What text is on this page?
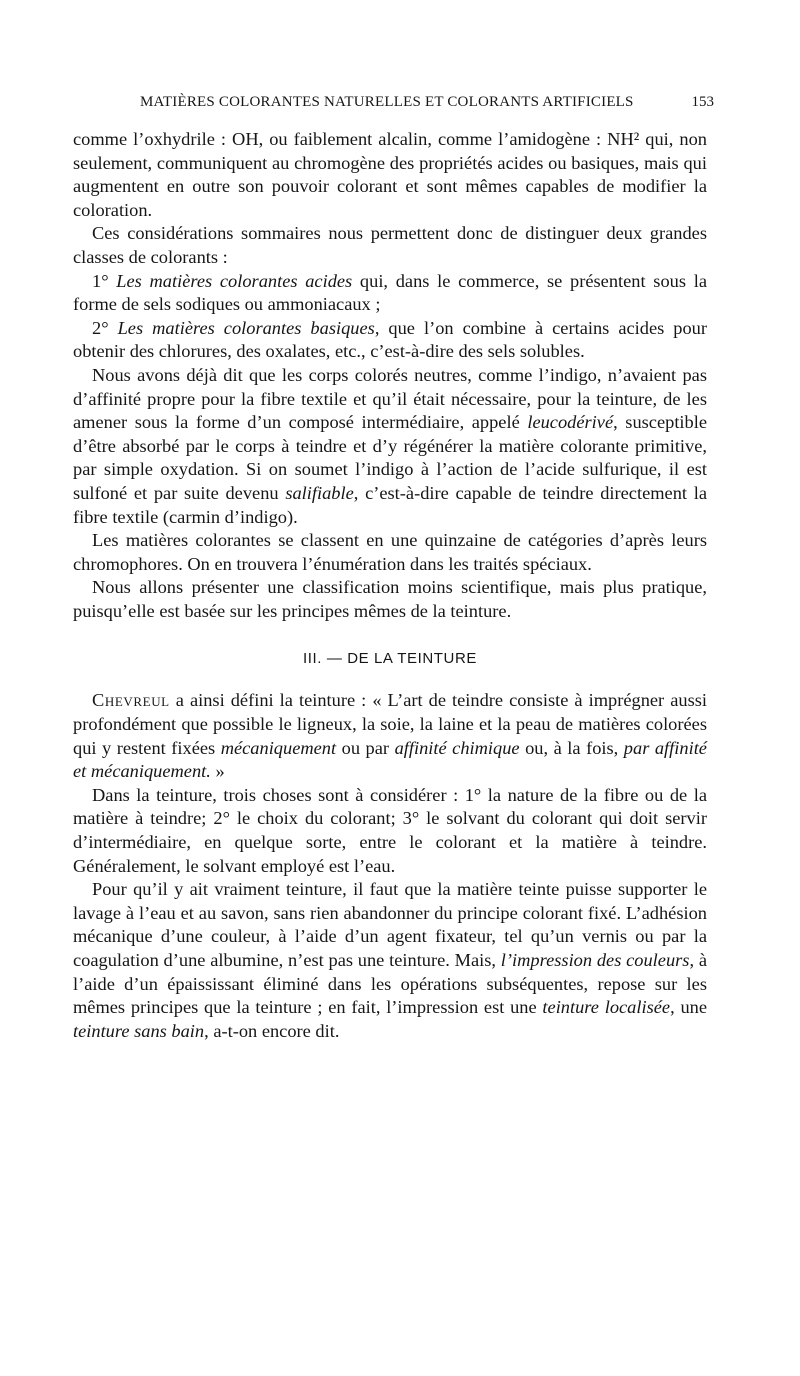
MATIÈRES COLORANTES NATURELLES ET COLORANTS ARTIFICIELS	153

comme l’oxhydrile : OH, ou faiblement alcalin, comme l’amidogène : NH² qui, non seulement, communiquent au chromogène des propriétés acides ou basiques, mais qui augmentent en outre son pouvoir colorant et sont mêmes capables de modifier la coloration.

Ces considérations sommaires nous permettent donc de distinguer deux grandes classes de colorants :

1° Les matières colorantes acides qui, dans le commerce, se présentent sous la forme de sels sodiques ou ammoniacaux ;

2° Les matières colorantes basiques, que l’on combine à certains acides pour obtenir des chlorures, des oxalates, etc., c’est-à-dire des sels solubles.

Nous avons déjà dit que les corps colorés neutres, comme l’indigo, n’avaient pas d’affinité propre pour la fibre textile et qu’il était nécessaire, pour la teinture, de les amener sous la forme d’un composé intermédiaire, appelé leucodérivé, susceptible d’être absorbé par le corps à teindre et d’y régénérer la matière colorante primitive, par simple oxydation. Si on soumet l’indigo à l’action de l’acide sulfurique, il est sulfoné et par suite devenu salifiable, c’est-à-dire capable de teindre directement la fibre textile (carmin d’indigo).

Les matières colorantes se classent en une quinzaine de catégories d’après leurs chromophores. On en trouvera l’énumération dans les traités spéciaux.

Nous allons présenter une classification moins scientifique, mais plus pratique, puisqu’elle est basée sur les principes mêmes de la teinture.

III. — DE LA TEINTURE

Chevreul a ainsi défini la teinture : « L’art de teindre consiste à imprégner aussi profondément que possible le ligneux, la soie, la laine et la peau de matières colorées qui y restent fixées mécaniquement ou par affinité chimique ou, à la fois, par affinité et mécaniquement. »

Dans la teinture, trois choses sont à considérer : 1° la nature de la fibre ou de la matière à teindre; 2° le choix du colorant; 3° le solvant du colorant qui doit servir d’intermédiaire, en quelque sorte, entre le colorant et la matière à teindre. Généralement, le solvant employé est l’eau.

Pour qu’il y ait vraiment teinture, il faut que la matière teinte puisse supporter le lavage à l’eau et au savon, sans rien abandonner du principe colorant fixé. L’adhésion mécanique d’une couleur, à l’aide d’un agent fixateur, tel qu’un vernis ou par la coagulation d’une albumine, n’est pas une teinture. Mais, l’impression des couleurs, à l’aide d’un épaississant éliminé dans les opérations subséquentes, repose sur les mêmes principes que la teinture ; en fait, l’impression est une teinture localisée, une teinture sans bain, a-t-on encore dit.
